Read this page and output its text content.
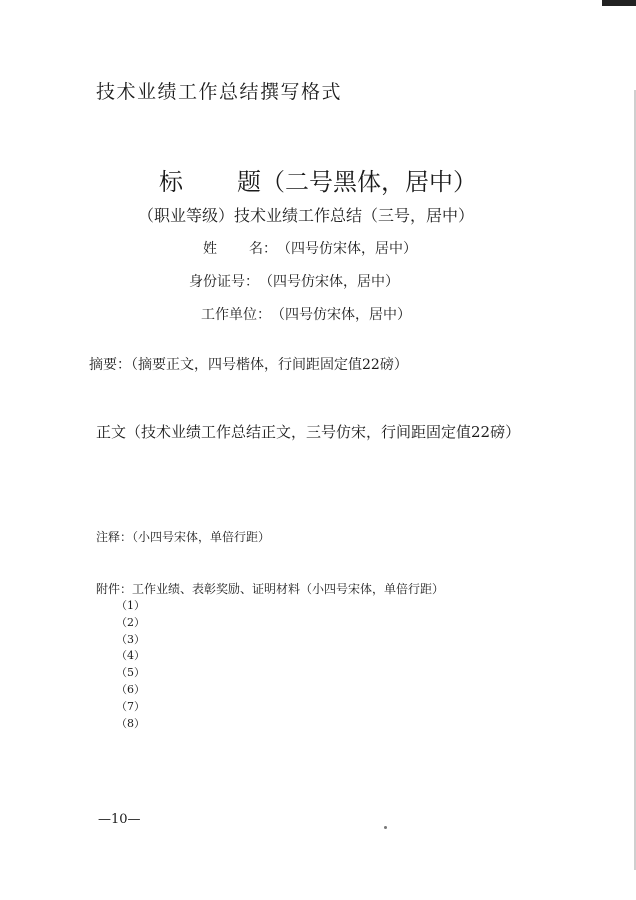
技术业绩工作总结撰写格式
标 题（二号黑体，居中）
（职业等级）技术业绩工作总结（三号，居中）
姓 名：（四号仿宋体，居中）
身份证号：（四号仿宋体，居中）
工作单位：（四号仿宋体，居中）
摘要：（摘要正文，四号楷体，行间距固定值22磅）
正文（技术业绩工作总结正文，三号仿宋，行间距固定值22磅）
注释：（小四号宋体，单倍行距）
附件：工作业绩、表彰奖励、证明材料（小四号宋体，单倍行距）
（1）
（2）
（3）
（4）
（5）
（6）
（7）
（8）
—10—
